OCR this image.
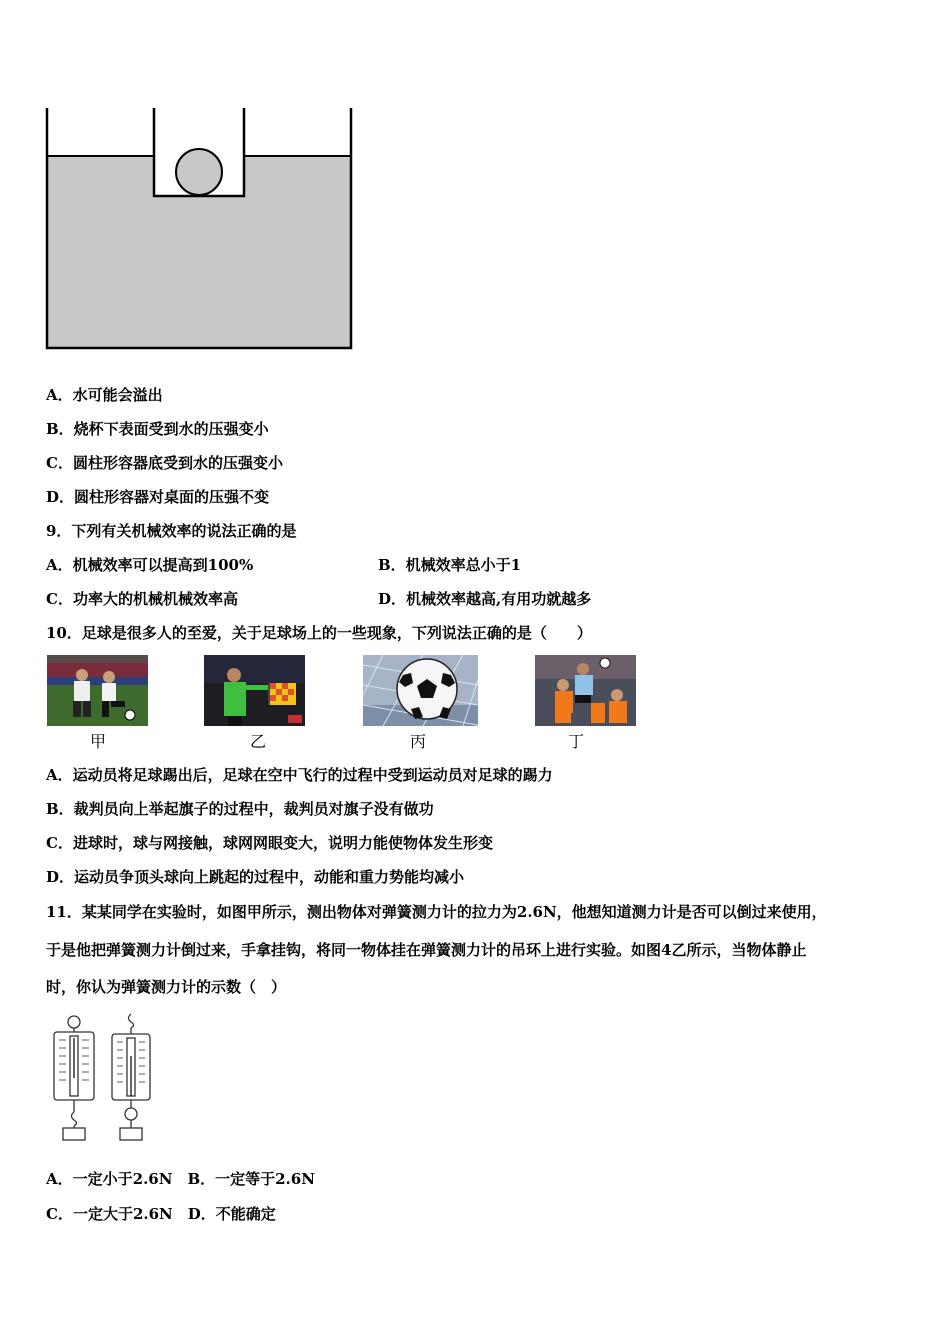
A．水可能会溢出
B．烧杯下表面受到水的压强变小
C．圆柱形容器底受到水的压强变小
D．圆柱形容器对桌面的压强不变
9．下列有关机械效率的说法正确的是
A．机械效率可以提高到100%	B．机械效率总小于1
C．功率大的机械机械效率高	D．机械效率越高,有用功就越多
10．足球是很多人的至爱，关于足球场上的一些现象，下列说法正确的是（　　）
甲	乙	丙	丁
A．运动员将足球踢出后，足球在空中飞行的过程中受到运动员对足球的踢力
B．裁判员向上举起旗子的过程中，裁判员对旗子没有做功
C．进球时，球与网接触，球网网眼变大，说明力能使物体发生形变
D．运动员争顶头球向上跳起的过程中，动能和重力势能均减小
11．某某同学在实验时，如图甲所示，测出物体对弹簧测力计的拉力为2.6N，他想知道测力计是否可以倒过来使用，
于是他把弹簧测力计倒过来，手拿挂钩，将同一物体挂在弹簧测力计的吊环上进行实验。如图4乙所示，当物体静止
时，你认为弹簧测力计的示数（　）
A．一定小于2.6N　B．一定等于2.6N
C．一定大于2.6N　D．不能确定
